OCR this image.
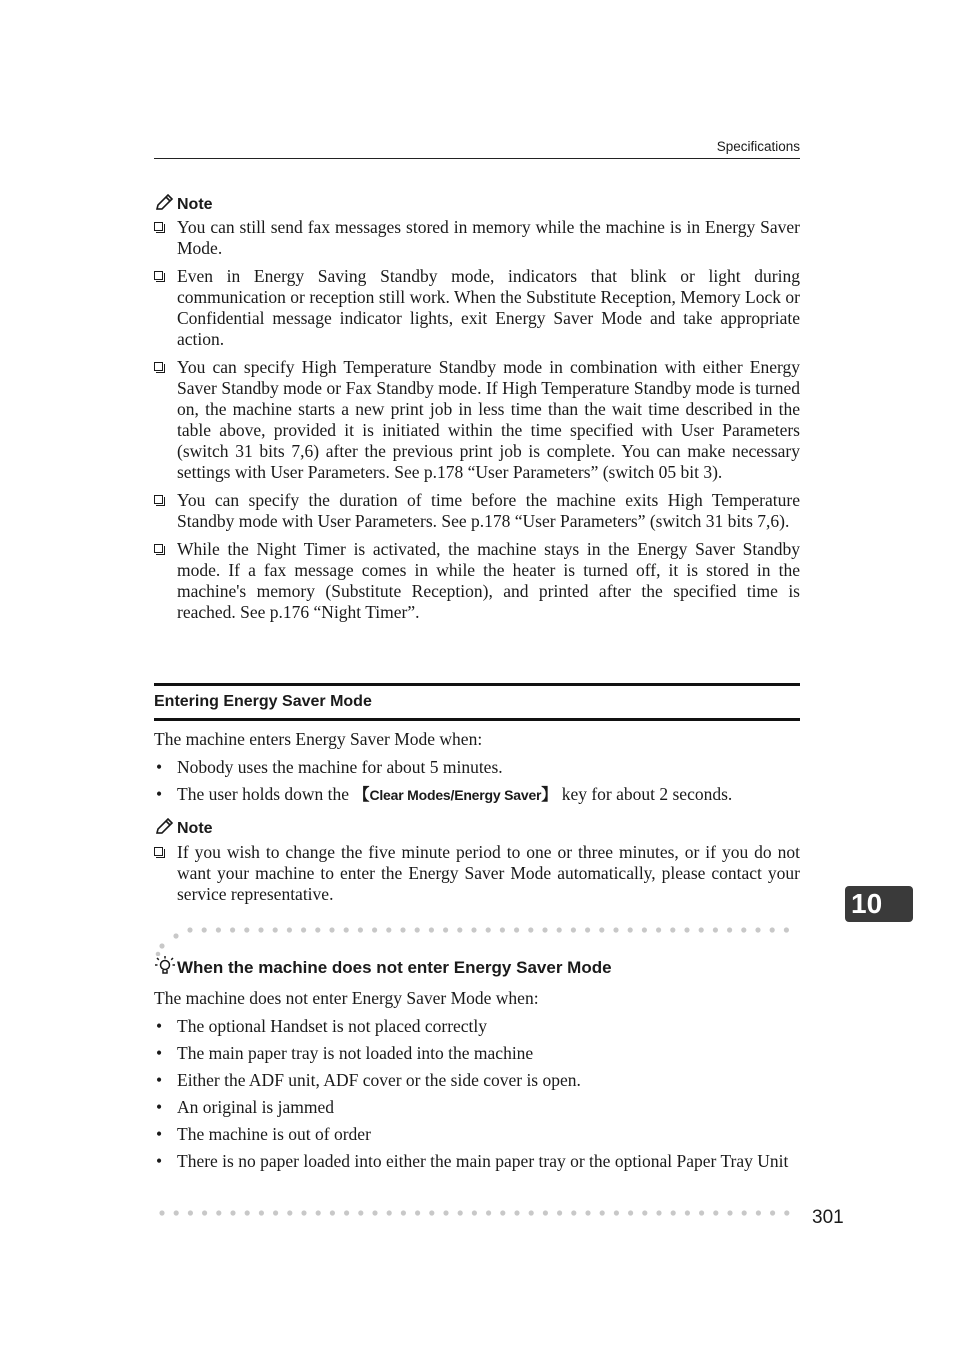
Specifications
Note
You can still send fax messages stored in memory while the machine is in Energy Saver Mode.
Even in Energy Saving Standby mode, indicators that blink or light during communication or reception still work. When the Substitute Reception, Memory Lock or Confidential message indicator lights, exit Energy Saver Mode and take appropriate action.
You can specify High Temperature Standby mode in combination with either Energy Saver Standby mode or Fax Standby mode. If High Temperature Standby mode is turned on, the machine starts a new print job in less time than the wait time described in the table above, provided it is initiated within the time specified with User Parameters (switch 31 bits 7,6) after the previous print job is complete. You can make necessary settings with User Parameters. See p.178 “User Parameters” (switch 05 bit 3).
You can specify the duration of time before the machine exits High Temperature Standby mode with User Parameters. See p.178 “User Parameters” (switch 31 bits 7,6).
While the Night Timer is activated, the machine stays in the Energy Saver Standby mode. If a fax message comes in while the heater is turned off, it is stored in the machine's memory (Substitute Reception), and printed after the specified time is reached. See p.176 “Night Timer”.
Entering Energy Saver Mode
The machine enters Energy Saver Mode when:
• Nobody uses the machine for about 5 minutes.
• The user holds down the 【Clear Modes/Energy Saver】 key for about 2 seconds.
Note
If you wish to change the five minute period to one or three minutes, or if you do not want your machine to enter the Energy Saver Mode automatically, please contact your service representative.	10
When the machine does not enter Energy Saver Mode
The machine does not enter Energy Saver Mode when:
• The optional Handset is not placed correctly
• The main paper tray is not loaded into the machine
• Either the ADF unit, ADF cover or the side cover is open.
• An original is jammed
• The machine is out of order
• There is no paper loaded into either the main paper tray or the optional Paper Tray Unit
301
